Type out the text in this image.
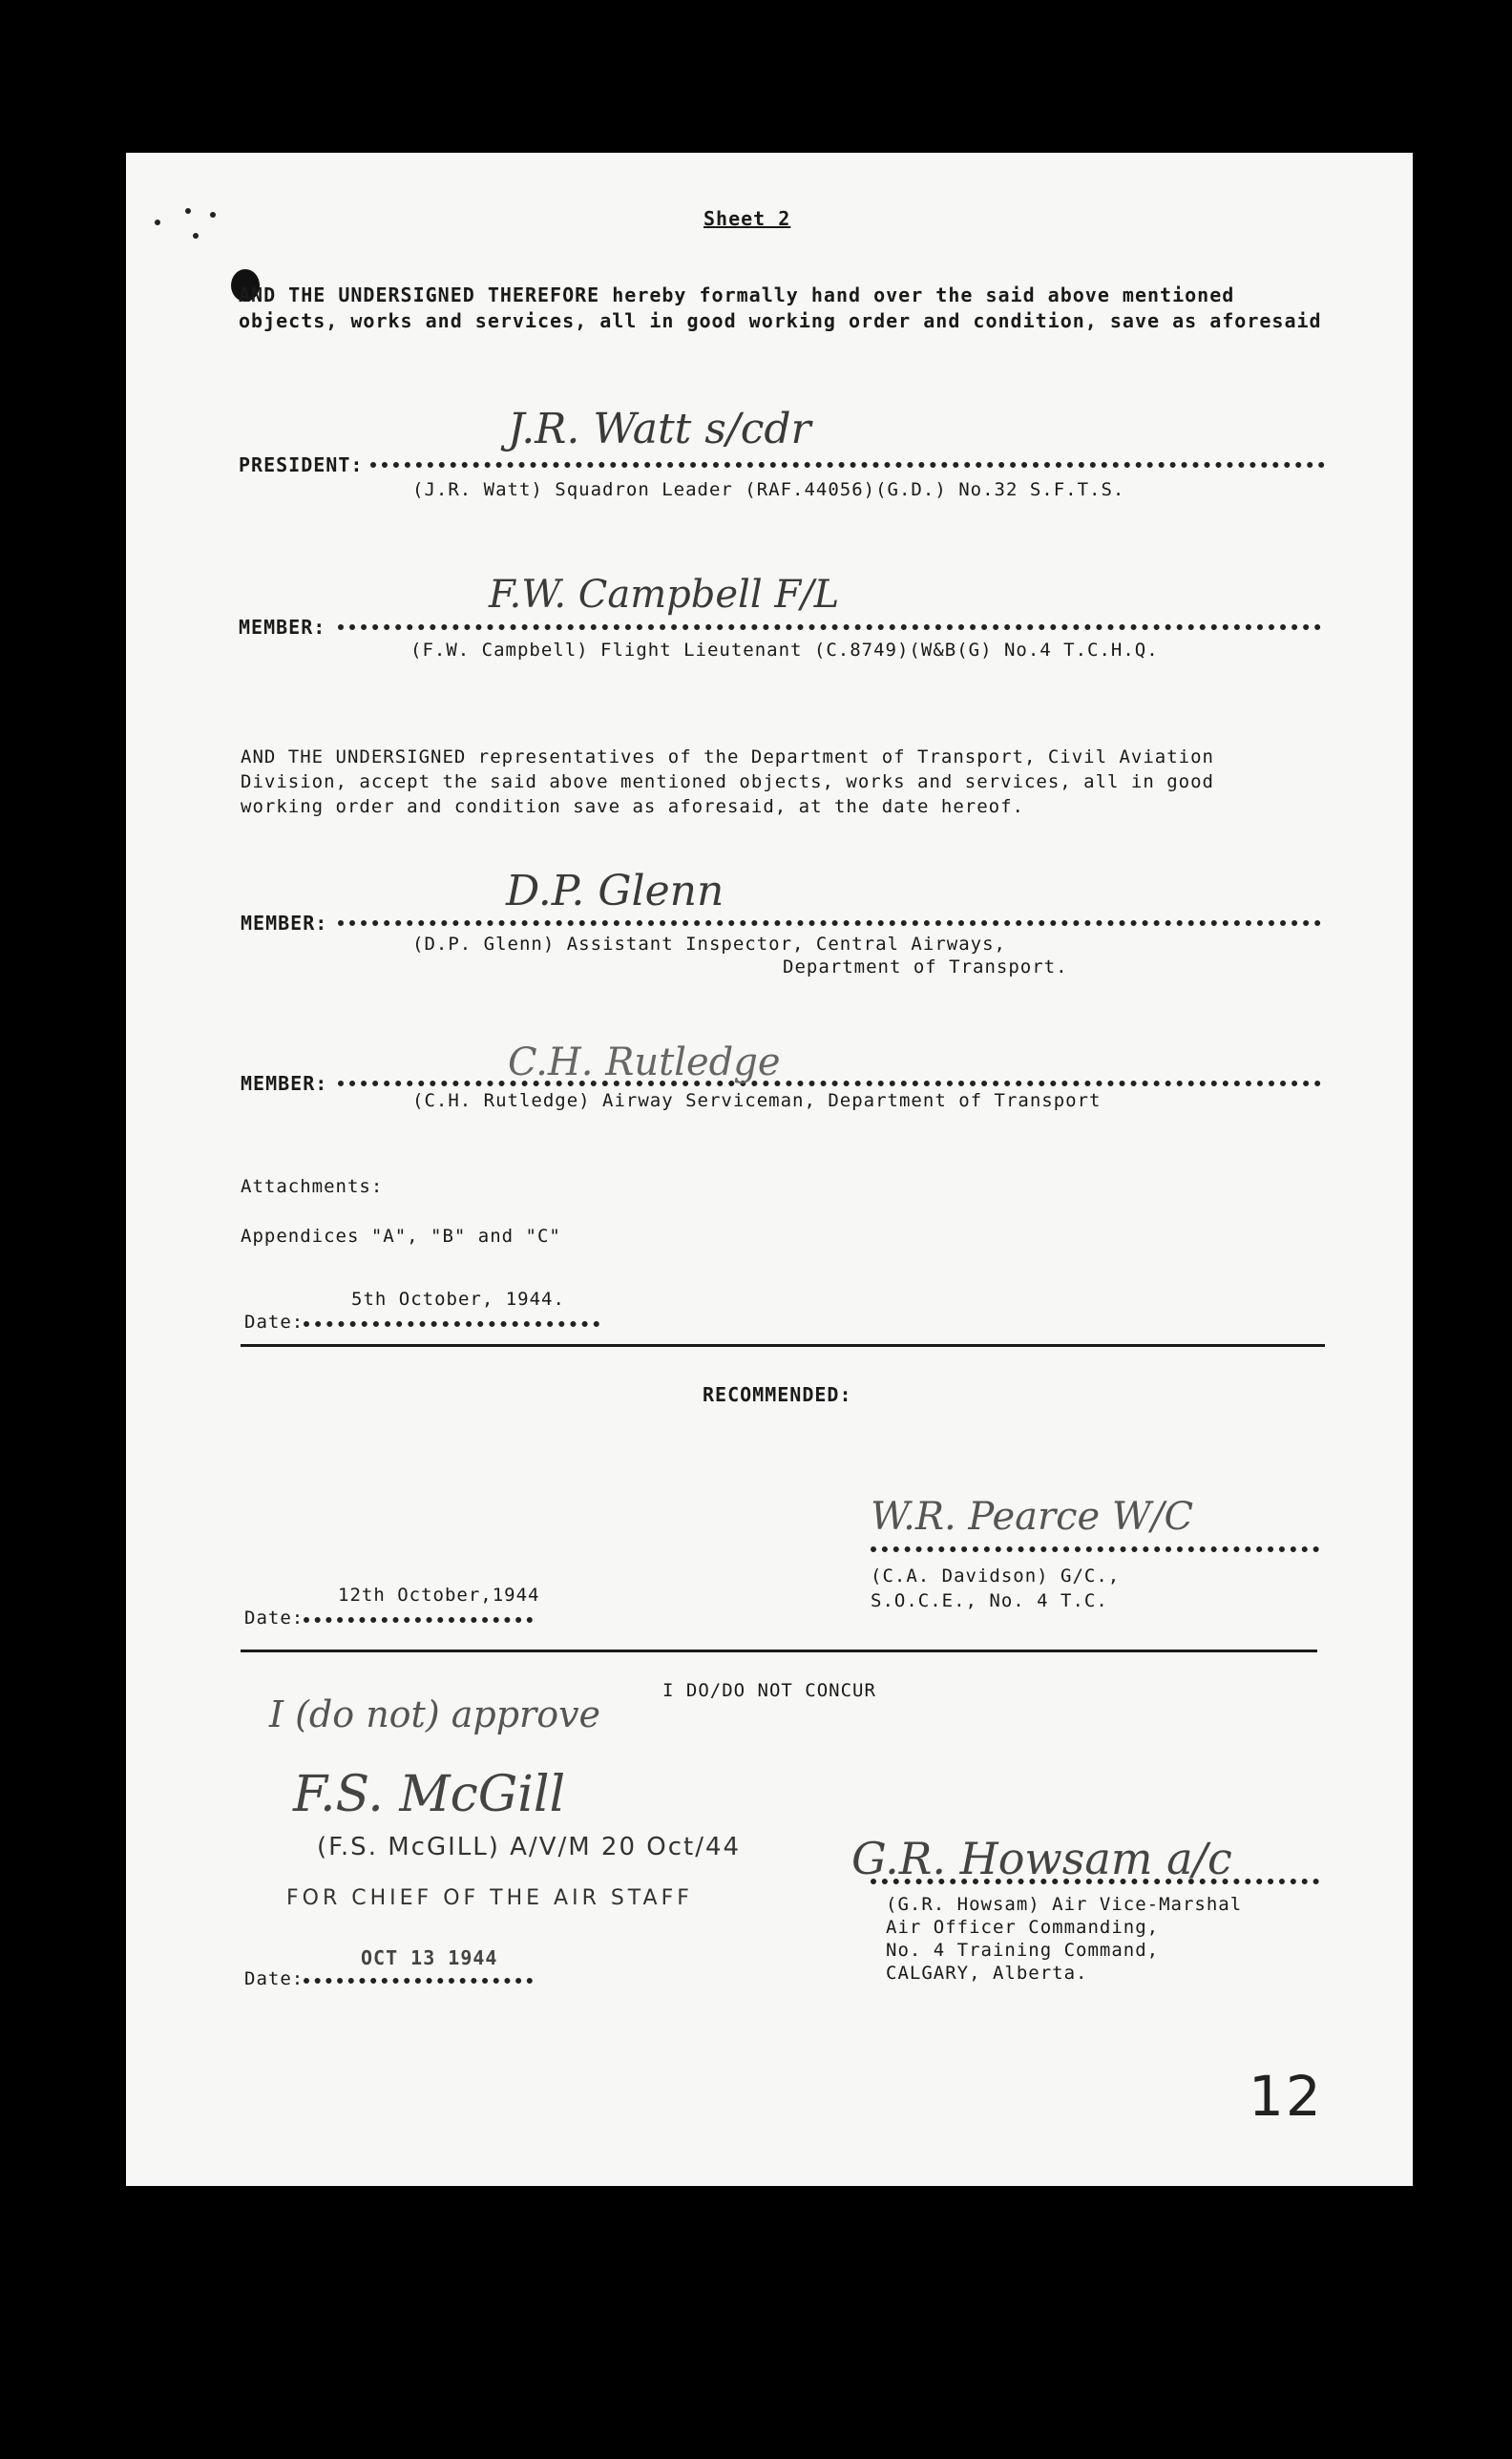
Sheet 2
AND THE UNDERSIGNED THEREFORE hereby formally hand over the said above mentioned
objects, works and services, all in good working order and condition, save as aforesaid
PRESIDENT:
J.R. Watt s/cdr
(J.R. Watt) Squadron Leader (RAF.44056)(G.D.) No.32 S.F.T.S.
MEMBER:
F.W. Campbell F/L
(F.W. Campbell) Flight Lieutenant (C.8749)(W&B(G) No.4 T.C.H.Q.
AND THE UNDERSIGNED representatives of the Department of Transport, Civil Aviation
Division, accept the said above mentioned objects, works and services, all in good
working order and condition save as aforesaid, at the date hereof.
MEMBER:
D.P. Glenn
(D.P. Glenn) Assistant Inspector, Central Airways,
Department of Transport.
MEMBER:	C.H. Rutledge
(C.H. Rutledge) Airway Serviceman, Department of Transport
Attachments:
Appendices "A", "B" and "C"
Date:
5th October, 1944.
RECOMMENDED:
W.R. Pearce W/C
(C.A. Davidson) G/C.,
S.O.C.E., No. 4 T.C.
Date:
12th October,1944
I DO/DO NOT CONCUR
I (do not) approve
F.S. McGill
(F.S. McGILL) A/V/M 20 Oct/44
FOR CHIEF OF THE AIR STAFF
Date:
OCT 13 1944
G.R. Howsam a/c
(G.R. Howsam) Air Vice-Marshal
Air Officer Commanding,
No. 4 Training Command,
CALGARY, Alberta.
12
